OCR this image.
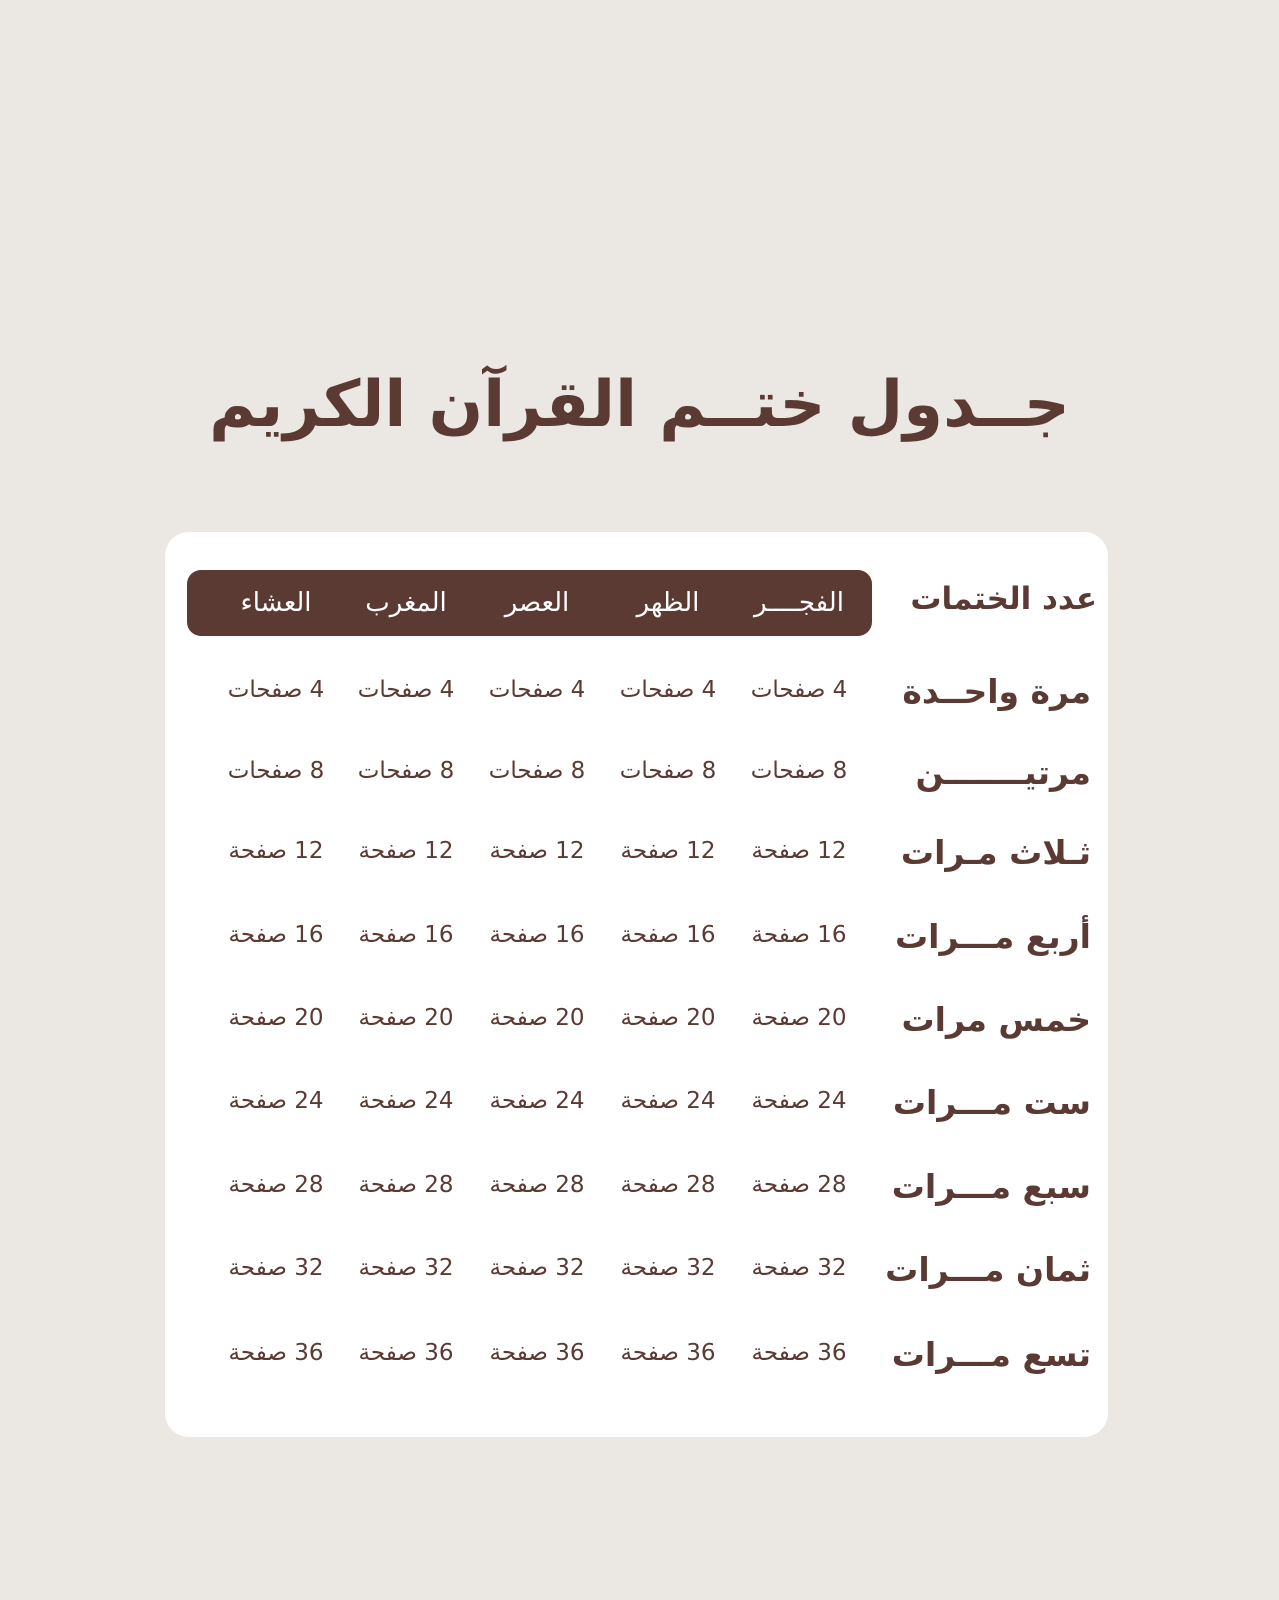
جــدول ختــم القرآن الكريم
عدد الختمات
الفجــــر
الظهر
العصر
المغرب
العشاء
مرة واحــدة
4 صفحات
4 صفحات
4 صفحات
4 صفحات
4 صفحات
مرتيـــــــن
8 صفحات
8 صفحات
8 صفحات
8 صفحات
8 صفحات
ثـلاث مـرات
12 صفحة
12 صفحة
12 صفحة
12 صفحة
12 صفحة
أربع مـــرات
16 صفحة
16 صفحة
16 صفحة
16 صفحة
16 صفحة
خمس مرات
20 صفحة
20 صفحة
20 صفحة
20 صفحة
20 صفحة
ست مـــرات
24 صفحة
24 صفحة
24 صفحة
24 صفحة
24 صفحة
سبع مـــرات
28 صفحة
28 صفحة
28 صفحة
28 صفحة
28 صفحة
ثمان مـــرات
32 صفحة
32 صفحة
32 صفحة
32 صفحة
32 صفحة
تسع مـــرات
36 صفحة
36 صفحة
36 صفحة
36 صفحة
36 صفحة
